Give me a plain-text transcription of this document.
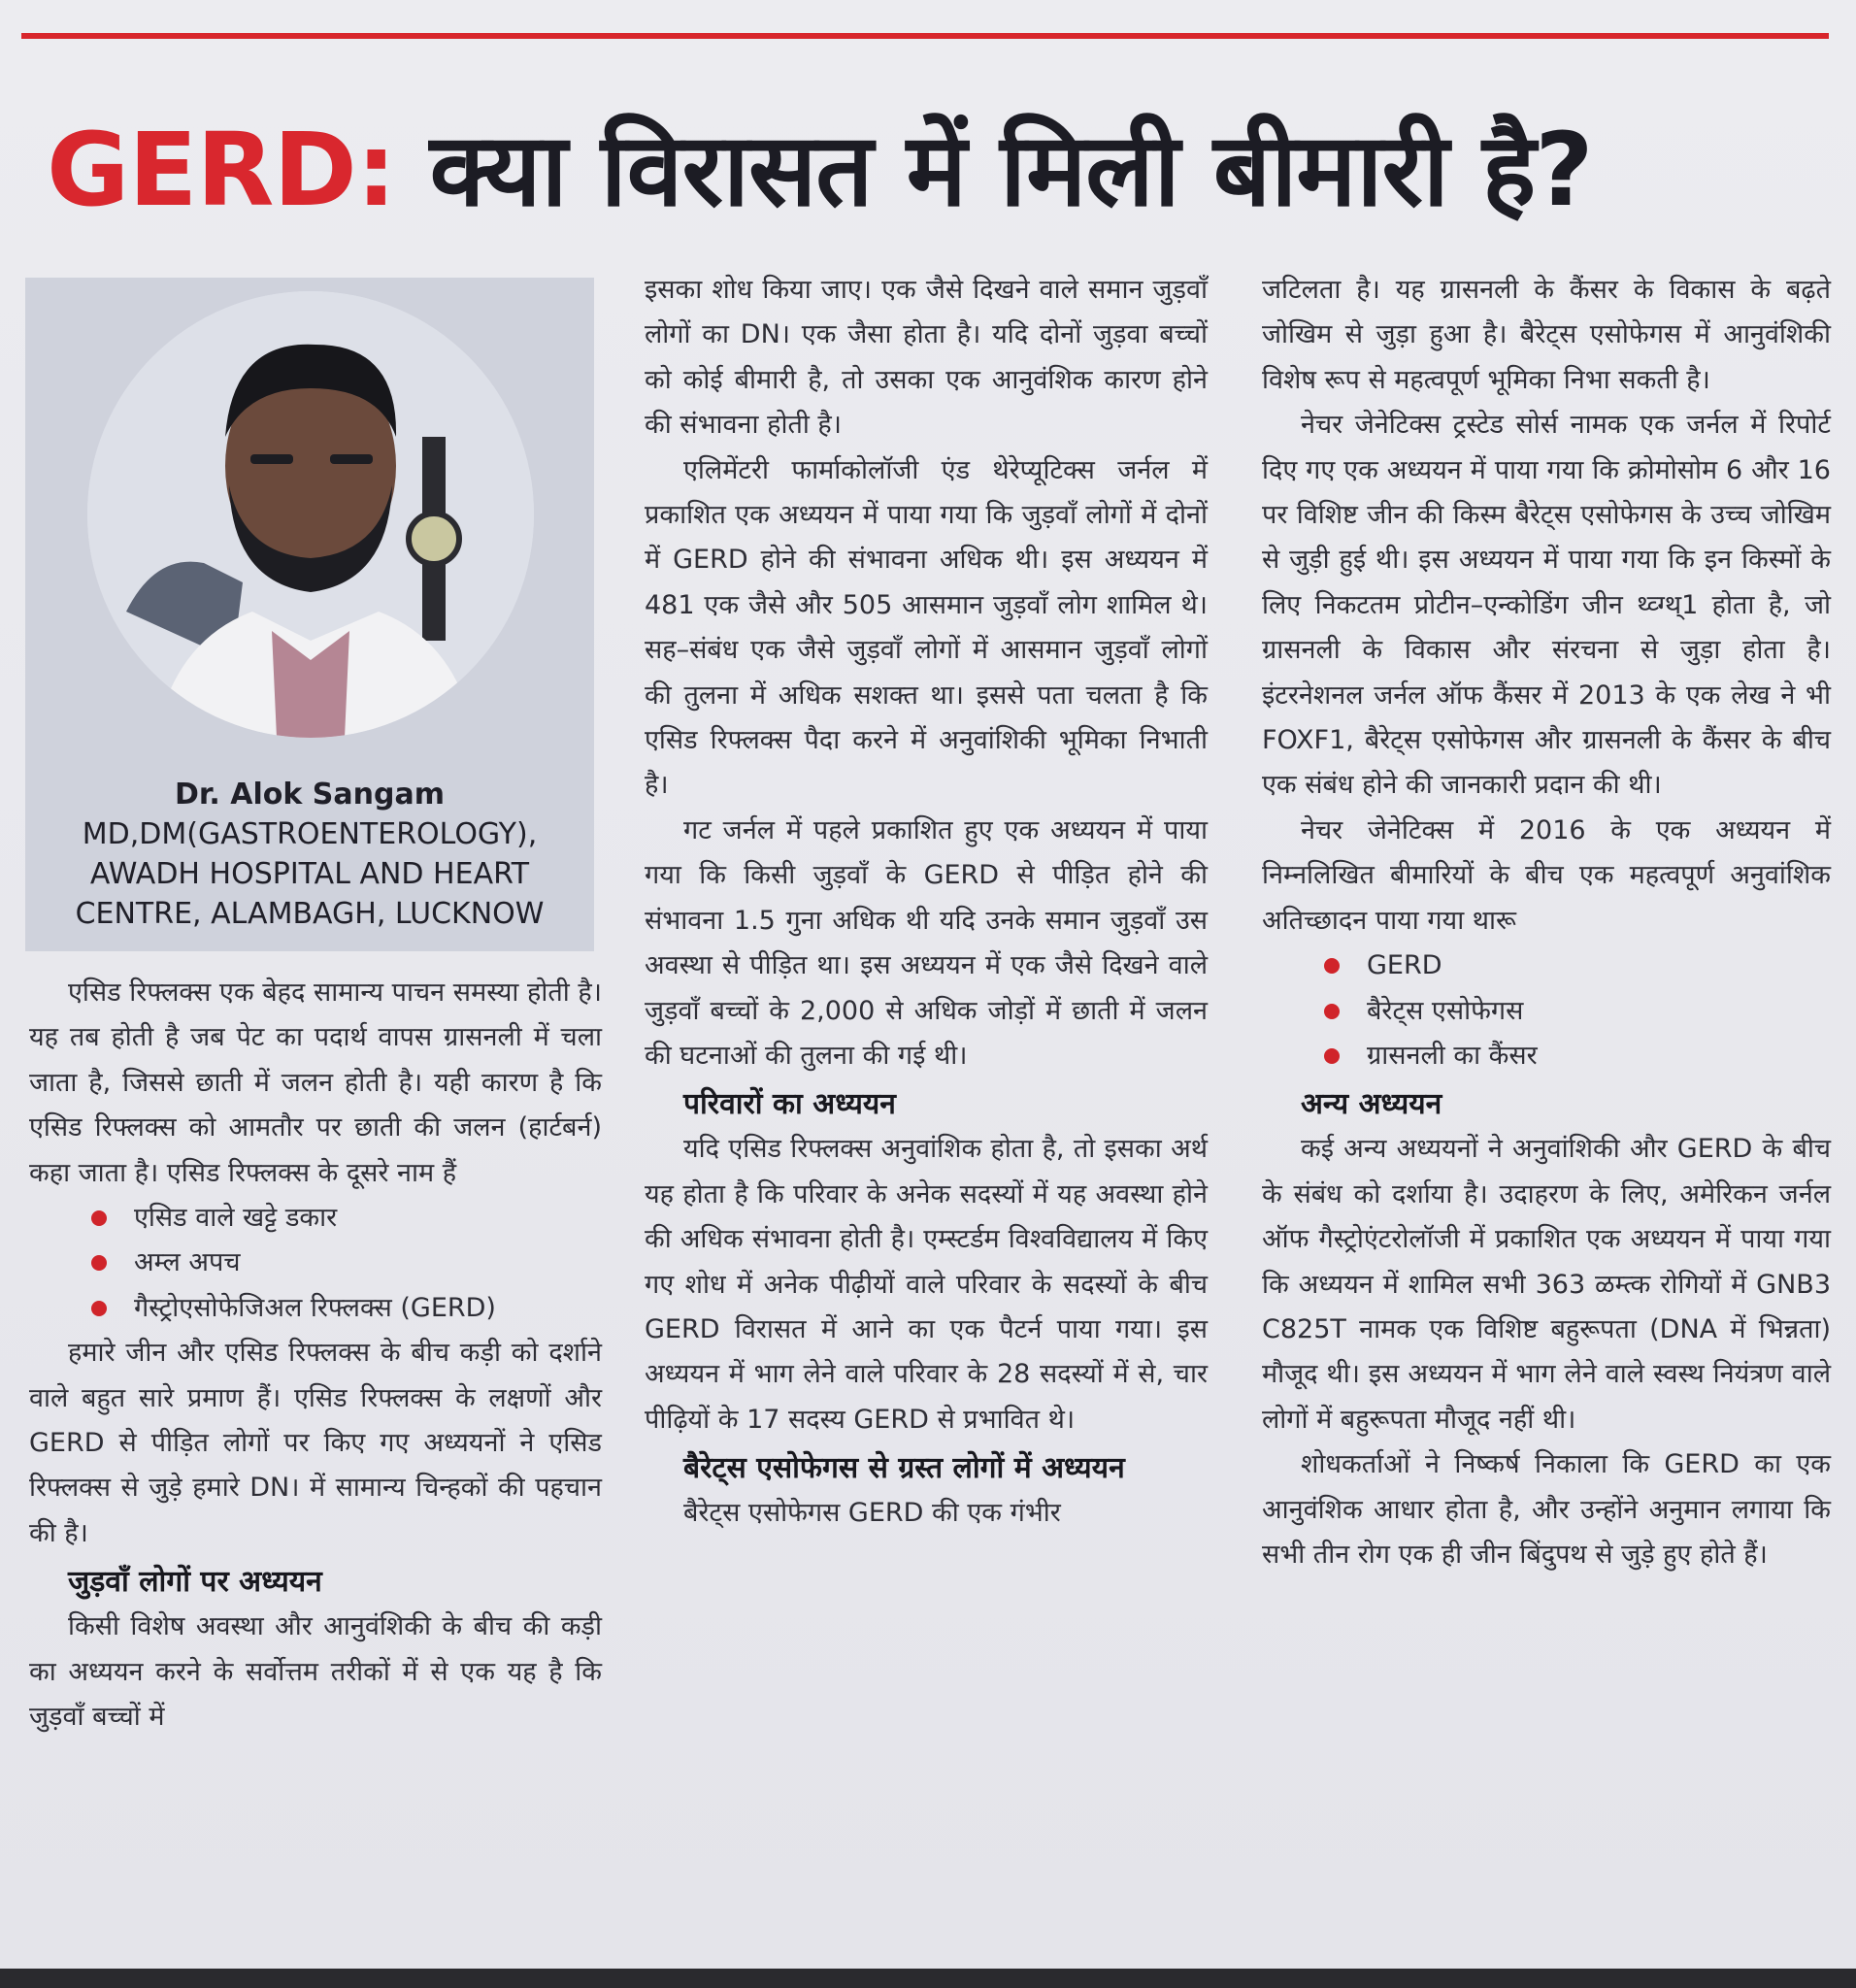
GERD: क्या विरासत में मिली बीमारी है?
Dr. Alok Sangam
MD,DM(GASTROENTEROLOGY),
AWADH HOSPITAL AND HEART
CENTRE, ALAMBAGH, LUCKNOW

एसिड रिफ्लक्स एक बेहद सामान्य पाचन समस्या होती है। यह तब होती है जब पेट का पदार्थ वापस ग्रासनली में चला जाता है, जिससे छाती में जलन होती है। यही कारण है कि एसिड रिफ्लक्स को आमतौर पर छाती की जलन (हार्टबर्न) कहा जाता है। एसिड रिफ्लक्स के दूसरे नाम हैं

एसिड वाले खट्टे डकार
अम्ल अपच
गैस्ट्रोएसोफेजिअल रिफ्लक्स (GERD)

हमारे जीन और एसिड रिफ्लक्स के बीच कड़ी को दर्शाने वाले बहुत सारे प्रमाण हैं। एसिड रिफ्लक्स के लक्षणों और GERD से पीड़ित लोगों पर किए गए अध्ययनों ने एसिड रिफ्लक्स से जुड़े हमारे DN। में सामान्य चिन्हकों की पहचान की है।

जुड़वाँ लोगों पर अध्ययन

किसी विशेष अवस्था और आनुवंशिकी के बीच की कड़ी का अध्ययन करने के सर्वोत्तम तरीकों में से एक यह है कि जुड़वाँ बच्चों में

इसका शोध किया जाए। एक जैसे दिखने वाले समान जुड़वाँ लोगों का DN। एक जैसा होता है। यदि दोनों जुड़वा बच्चों को कोई बीमारी है, तो उसका एक आनुवंशिक कारण होने की संभावना होती है।

एलिमेंटरी फार्माकोलॉजी एंड थेरेप्यूटिक्स जर्नल में प्रकाशित एक अध्ययन में पाया गया कि जुड़वाँ लोगों में दोनों में GERD होने की संभावना अधिक थी। इस अध्ययन में 481 एक जैसे और 505 आसमान जुड़वाँ लोग शामिल थे। सह–संबंध एक जैसे जुड़वाँ लोगों में आसमान जुड़वाँ लोगों की तुलना में अधिक सशक्त था। इससे पता चलता है कि एसिड रिफ्लक्स पैदा करने में अनुवांशिकी भूमिका निभाती है।

गट जर्नल में पहले प्रकाशित हुए एक अध्ययन में पाया गया कि किसी जुड़वाँ के GERD से पीड़ित होने की संभावना 1.5 गुना अधिक थी यदि उनके समान जुड़वाँ उस अवस्था से पीड़ित था। इस अध्ययन में एक जैसे दिखने वाले जुड़वाँ बच्चों के 2,000 से अधिक जोड़ों में छाती में जलन की घटनाओं की तुलना की गई थी।

परिवारों का अध्ययन

यदि एसिड रिफ्लक्स अनुवांशिक होता है, तो इसका अर्थ यह होता है कि परिवार के अनेक सदस्यों में यह अवस्था होने की अधिक संभावना होती है। एम्स्टर्डम विश्वविद्यालय में किए गए शोध में अनेक पीढ़ीयों वाले परिवार के सदस्यों के बीच GERD विरासत में आने का एक पैटर्न पाया गया। इस अध्ययन में भाग लेने वाले परिवार के 28 सदस्यों में से, चार पीढ़ियों के 17 सदस्य GERD से प्रभावित थे।

बैरेट्स एसोफेगस से ग्रस्त लोगों में अध्ययन

बैरेट्स एसोफेगस GERD की एक गंभीर

जटिलता है। यह ग्रासनली के कैंसर के विकास के बढ़ते जोखिम से जुड़ा हुआ है। बैरेट्स एसोफेगस में आनुवंशिकी विशेष रूप से महत्वपूर्ण भूमिका निभा सकती है।

नेचर जेनेटिक्स ट्रस्टेड सोर्स नामक एक जर्नल में रिपोर्ट दिए गए एक अध्ययन में पाया गया कि क्रोमोसोम 6 और 16 पर विशिष्ट जीन की किस्म बैरेट्स एसोफेगस के उच्च जोखिम से जुड़ी हुई थी। इस अध्ययन में पाया गया कि इन किस्मों के लिए निकटतम प्रोटीन–एन्कोडिंग जीन थ्व्ग्थ्1 होता है, जो ग्रासनली के विकास और संरचना से जुड़ा होता है। इंटरनेशनल जर्नल ऑफ कैंसर में 2013 के एक लेख ने भी FOXF1, बैरेट्स एसोफेगस और ग्रासनली के कैंसर के बीच एक संबंध होने की जानकारी प्रदान की थी।

नेचर जेनेटिक्स में 2016 के एक अध्ययन में निम्नलिखित बीमारियों के बीच एक महत्वपूर्ण अनुवांशिक अतिच्छादन पाया गया थारू

GERD
बैरेट्स एसोफेगस
ग्रासनली का कैंसर
अन्य अध्ययन

कई अन्य अध्ययनों ने अनुवांशिकी और GERD के बीच के संबंध को दर्शाया है। उदाहरण के लिए, अमेरिकन जर्नल ऑफ गैस्ट्रोएंटरोलॉजी में प्रकाशित एक अध्ययन में पाया गया कि अध्ययन में शामिल सभी 363 ळम्त्क रोगियों में GNB3 C825T नामक एक विशिष्ट बहुरूपता (DNA में भिन्नता) मौजूद थी। इस अध्ययन में भाग लेने वाले स्वस्थ नियंत्रण वाले लोगों में बहुरूपता मौजूद नहीं थी।

शोधकर्ताओं ने निष्कर्ष निकाला कि GERD का एक आनुवंशिक आधार होता है, और उन्होंने अनुमान लगाया कि सभी तीन रोग एक ही जीन बिंदुपथ से जुड़े हुए होते हैं।
